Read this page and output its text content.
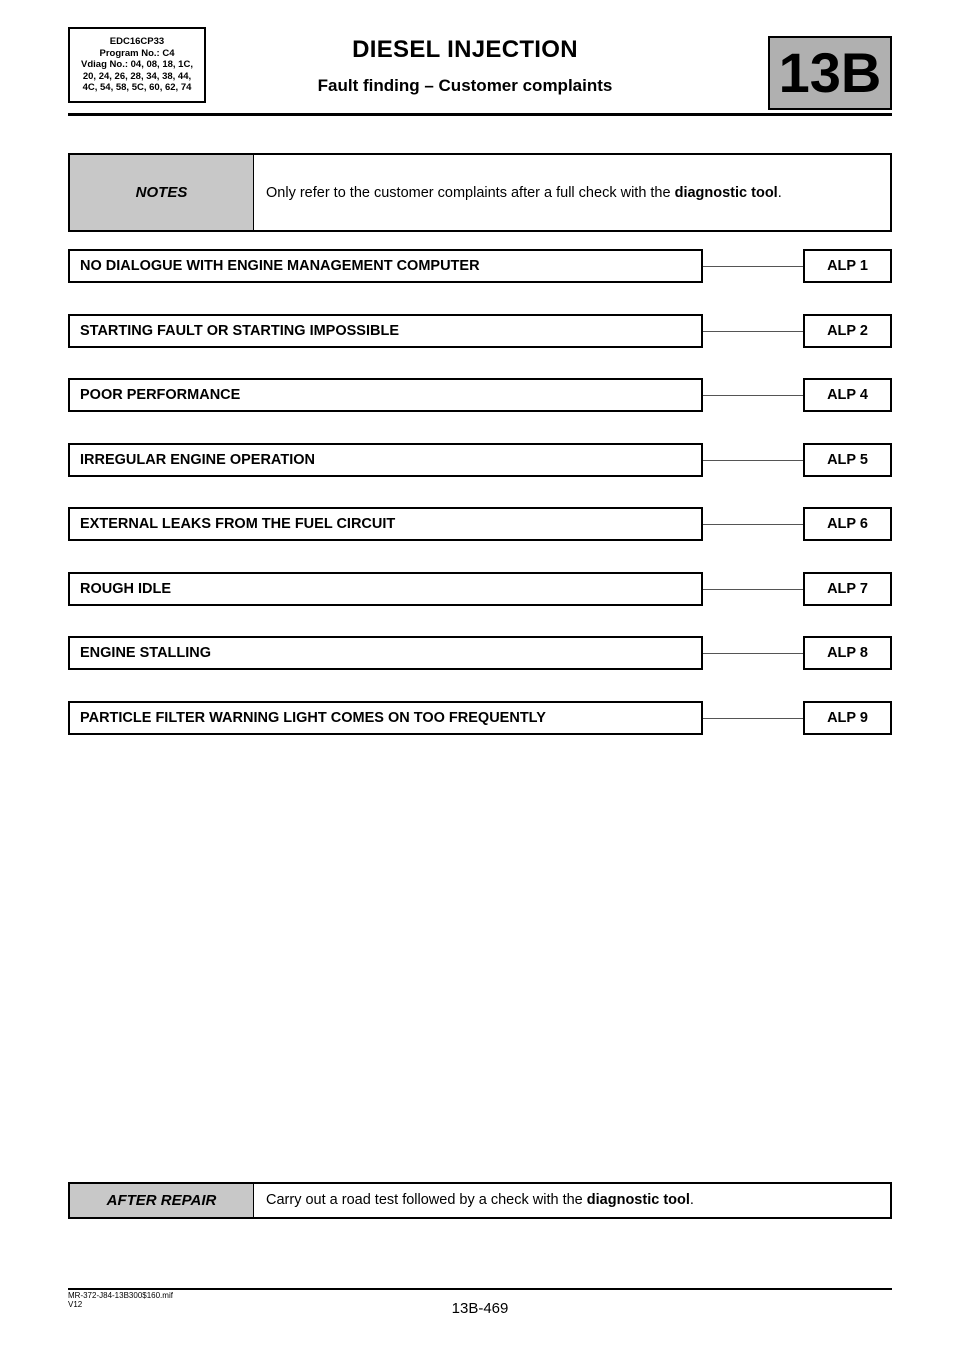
EDC16CP33
Program No.: C4
Vdiag No.: 04, 08, 18, 1C,
20, 24, 26, 28, 34, 38, 44,
4C, 54, 58, 5C, 60, 62, 74
DIESEL INJECTION
Fault finding – Customer complaints	13B
NOTES	Only refer to the customer complaints after a full check with the diagnostic tool .
NO DIALOGUE WITH ENGINE MANAGEMENT COMPUTER	ALP 1
STARTING FAULT OR STARTING IMPOSSIBLE	ALP 2
POOR PERFORMANCE	ALP 4
IRREGULAR ENGINE OPERATION	ALP 5
EXTERNAL LEAKS FROM THE FUEL CIRCUIT	ALP 6
ROUGH IDLE	ALP 7
ENGINE STALLING	ALP 8
PARTICLE FILTER WARNING LIGHT COMES ON TOO FREQUENTLY	ALP 9
AFTER REPAIR	Carry out a road test followed by a check with the diagnostic tool .
MR-372-J84-13B300$160.mif
V12	13B-469
